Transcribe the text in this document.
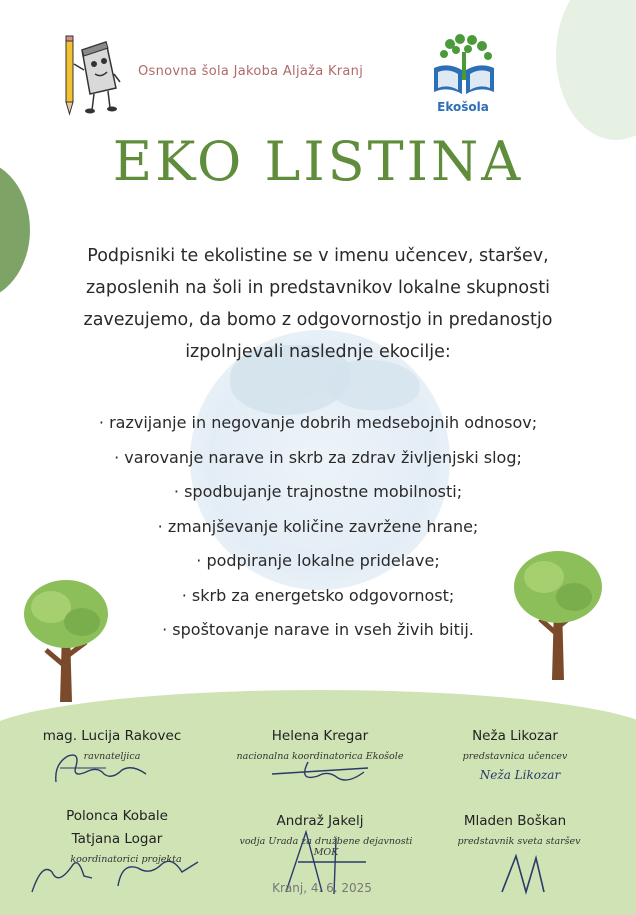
Osnovna šola Jakoba Aljaža Kranj
Ekošola
EKO LISTINA
Podpisniki te ekolistine se v imenu učencev, staršev, zaposlenih na šoli in predstavnikov lokalne skupnosti zavezujemo, da bomo z odgovornostjo in predanostjo izpolnjevali naslednje ekocilje:
· razvijanje in negovanje dobrih medsebojnih odnosov;
· varovanje narave in skrb za zdrav življenjski slog;
· spodbujanje trajnostne mobilnosti;
· zmanjševanje količine zavržene hrane;
· podpiranje lokalne pridelave;
· skrb za energetsko odgovornost;
· spoštovanje narave in vseh živih bitij.
mag. Lucija Rakovec
ravnateljica
Helena Kregar
nacionalna koordinatorica Ekošole
Neža Likozar
predstavnica učencev
Neža Likozar
Polonca Kobale
Tatjana Logar
koordinatorici projekta
Andraž Jakelj
vodja Urada za družbene dejavnosti MOK
Mladen Boškan
predstavnik sveta staršev
Kranj, 4. 6. 2025
